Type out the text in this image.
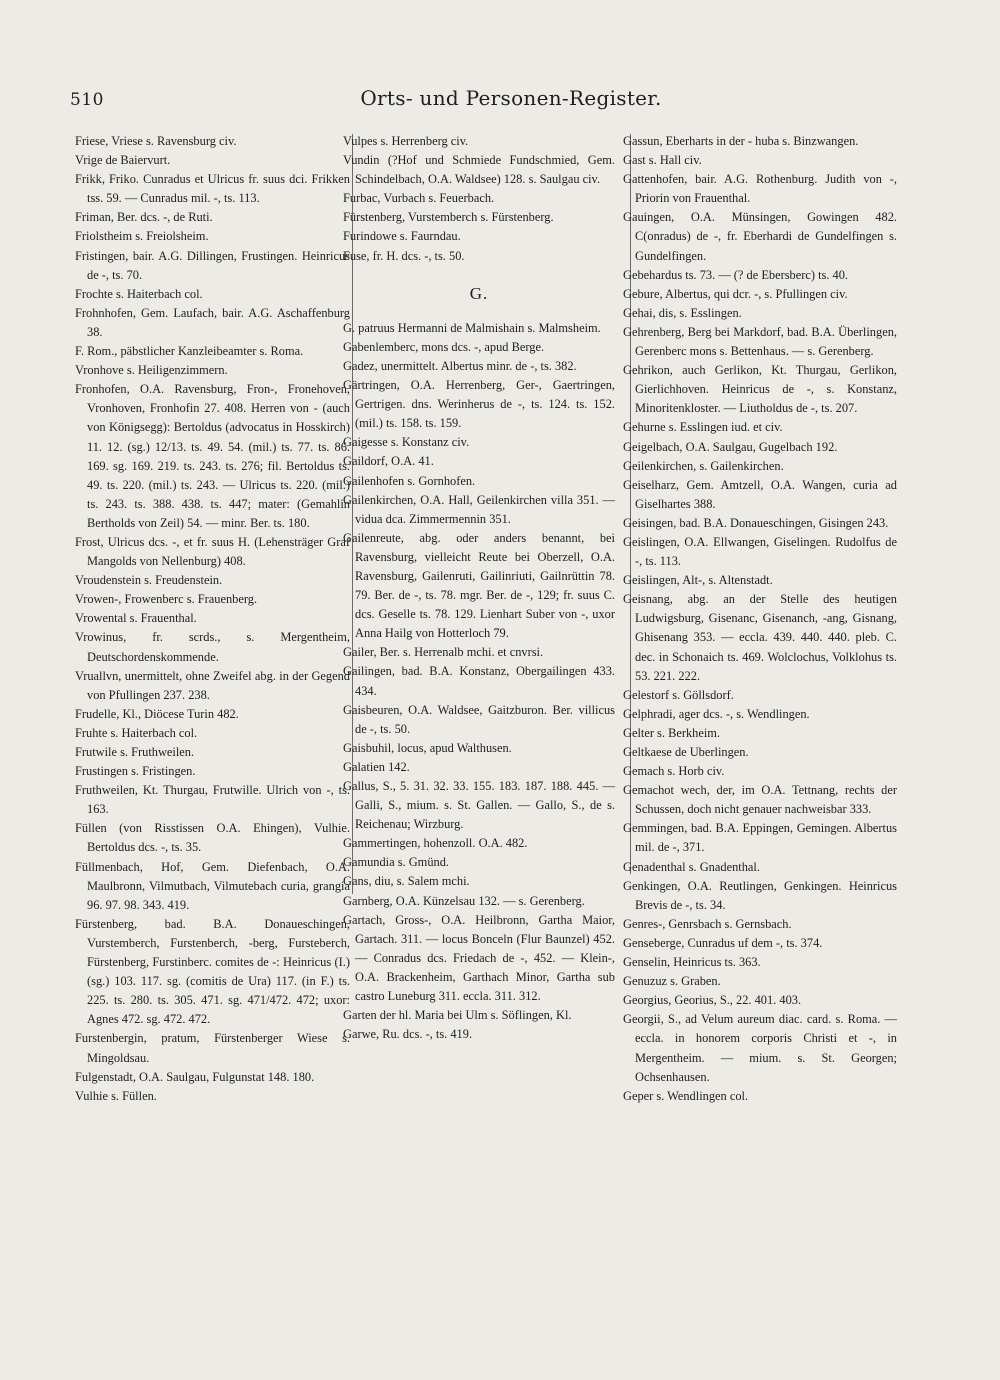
510	Orts- und Personen-Register.

Friese, Vriese s. Ravensburg civ.

Vrige de Baiervurt.

Frikk, Friko. Cunradus et Ulricus fr. suus dci. Frikken tss. 59. — Cunradus mil. -, ts. 113.

Friman, Ber. dcs. -, de Ruti.

Friolstheim s. Freiolsheim.

Fristingen, bair. A.G. Dillingen, Frustingen. Heinricus de -, ts. 70.

Frochte s. Haiterbach col.

Frohnhofen, Gem. Laufach, bair. A.G. Aschaffenburg 38.

F. Rom., päbstlicher Kanzleibeamter s. Roma.

Vronhove s. Heiligenzimmern.

Fronhofen, O.A. Ravensburg, Fron-, Fronehoven, Vronhoven, Fronhofin 27. 408. Herren von - (auch von Königsegg): Bertoldus (advocatus in Hosskirch) 11. 12. (sg.) 12/13. ts. 49. 54. (mil.) ts. 77. ts. 86. 169. sg. 169. 219. ts. 243. ts. 276; fil. Bertoldus ts. 49. ts. 220. (mil.) ts. 243. — Ulricus ts. 220. (mil.) ts. 243. ts. 388. 438. ts. 447; mater: (Gemahlin Bertholds von Zeil) 54. — minr. Ber. ts. 180.

Frost, Ulricus dcs. -, et fr. suus H. (Lehensträger Graf Mangolds von Nellenburg) 408.

Vroudenstein s. Freudenstein.

Vrowen-, Frowenberc s. Frauenberg.

Vrowental s. Frauenthal.

Vrowinus, fr. scrds., s. Mergentheim, Deutschordenskommende.

Vruallvn, unermittelt, ohne Zweifel abg. in der Gegend von Pfullingen 237. 238.

Frudelle, Kl., Diöcese Turin 482.

Fruhte s. Haiterbach col.

Frutwile s. Fruthweilen.

Frustingen s. Fristingen.

Fruthweilen, Kt. Thurgau, Frutwille. Ulrich von -, ts. 163.

Füllen (von Risstissen O.A. Ehingen), Vulhie. Bertoldus dcs. -, ts. 35.

Füllmenbach, Hof, Gem. Diefenbach, O.A. Maulbronn, Vilmutbach, Vilmutebach curia, grangia 96. 97. 98. 343. 419.

Fürstenberg, bad. B.A. Donaueschingen, Vurstemberch, Furstenberch, -berg, Fursteberch, Fürstenberg, Furstinberc. comites de -: Heinricus (I.) (sg.) 103. 117. sg. (comitis de Ura) 117. (in F.) ts. 225. ts. 280. ts. 305. 471. sg. 471/472. 472; uxor: Agnes 472. sg. 472. 472.

Furstenbergin, pratum, Fürstenberger Wiese s. Mingoldsau.

Fulgenstadt, O.A. Saulgau, Fulgunstat 148. 180.

Vulhie s. Füllen.

Vulpes s. Herrenberg civ.

Vundin (?Hof und Schmiede Fundschmied, Gem. Schindelbach, O.A. Waldsee) 128. s. Saulgau civ.

Furbac, Vurbach s. Feuerbach.

Fürstenberg, Vurstemberch s. Fürstenberg.

Furindowe s. Faurndau.

Fuse, fr. H. dcs. -, ts. 50.

G.

G. patruus Hermanni de Malmishain s. Malmsheim.

Gabenlemberc, mons dcs. -, apud Berge.

Gadez, unermittelt. Albertus minr. de -, ts. 382.

Gärtringen, O.A. Herrenberg, Ger-, Gaertringen, Gertrigen. dns. Werinherus de -, ts. 124. ts. 152. (mil.) ts. 158. ts. 159.

Gaigesse s. Konstanz civ.

Gaildorf, O.A. 41.

Gailenhofen s. Gornhofen.

Gailenkirchen, O.A. Hall, Geilenkirchen villa 351. — vidua dca. Zimmermennin 351.

Gailenreute, abg. oder anders benannt, bei Ravensburg, vielleicht Reute bei Oberzell, O.A. Ravensburg, Gailenruti, Gailinriuti, Gailnrüttin 78. 79. Ber. de -, ts. 78. mgr. Ber. de -, 129; fr. suus C. dcs. Geselle ts. 78. 129. Lienhart Suber von -, uxor Anna Hailg von Hotterloch 79.

Gailer, Ber. s. Herrenalb mchi. et cnvrsi.

Gailingen, bad. B.A. Konstanz, Obergailingen 433. 434.

Gaisbeuren, O.A. Waldsee, Gaitzburon. Ber. villicus de -, ts. 50.

Gaisbuhil, locus, apud Walthusen.

Galatien 142.

Gallus, S., 5. 31. 32. 33. 155. 183. 187. 188. 445. — Galli, S., mium. s. St. Gallen. — Gallo, S., de s. Reichenau; Wirzburg.

Gammertingen, hohenzoll. O.A. 482.

Gamundia s. Gmünd.

Gans, diu, s. Salem mchi.

Garnberg, O.A. Künzelsau 132. — s. Gerenberg.

Gartach, Gross-, O.A. Heilbronn, Gartha Maior, Gartach. 311. — locus Bonceln (Flur Baunzel) 452. — Conradus dcs. Friedach de -, 452. — Klein-, O.A. Brackenheim, Garthach Minor, Gartha sub castro Luneburg 311. eccla. 311. 312.

Garten der hl. Maria bei Ulm s. Söflingen, Kl.

Garwe, Ru. dcs. -, ts. 419.

Gassun, Eberharts in der - huba s. Binzwangen.

Gast s. Hall civ.

Gattenhofen, bair. A.G. Rothenburg. Judith von -, Priorin von Frauenthal.

Gauingen, O.A. Münsingen, Gowingen 482. C(onradus) de -, fr. Eberhardi de Gundelfingen s. Gundelfingen.

Gebehardus ts. 73. — (? de Ebersberc) ts. 40.

Gebure, Albertus, qui dcr. -, s. Pfullingen civ.

Gehai, dis, s. Esslingen.

Gehrenberg, Berg bei Markdorf, bad. B.A. Überlingen, Gerenberc mons s. Bettenhaus. — s. Gerenberg.

Gehrikon, auch Gerlikon, Kt. Thurgau, Gerlikon, Gierlichhoven. Heinricus de -, s. Konstanz, Minoritenkloster. — Liutholdus de -, ts. 207.

Gehurne s. Esslingen iud. et civ.

Geigelbach, O.A. Saulgau, Gugelbach 192.

Geilenkirchen, s. Gailenkirchen.

Geiselharz, Gem. Amtzell, O.A. Wangen, curia ad Giselhartes 388.

Geisingen, bad. B.A. Donaueschingen, Gisingen 243.

Geislingen, O.A. Ellwangen, Giselingen. Rudolfus de -, ts. 113.

Geislingen, Alt-, s. Altenstadt.

Geisnang, abg. an der Stelle des heutigen Ludwigsburg, Gisenanc, Gisenanch, -ang, Gisnang, Ghisenang 353. — eccla. 439. 440. 440. pleb. C. dec. in Schonaich ts. 469. Wolclochus, Volklohus ts. 53. 221. 222.

Gelestorf s. Göllsdorf.

Gelphradi, ager dcs. -, s. Wendlingen.

Gelter s. Berkheim.

Geltkaese de Uberlingen.

Gemach s. Horb civ.

Gemachot wech, der, im O.A. Tettnang, rechts der Schussen, doch nicht genauer nachweisbar 333.

Gemmingen, bad. B.A. Eppingen, Gemingen. Albertus mil. de -, 371.

Genadenthal s. Gnadenthal.

Genkingen, O.A. Reutlingen, Genkingen. Heinricus Brevis de -, ts. 34.

Genres-, Genrsbach s. Gernsbach.

Genseberge, Cunradus uf dem -, ts. 374.

Genselin, Heinricus ts. 363.

Genuzuz s. Graben.

Georgius, Georius, S., 22. 401. 403.

Georgii, S., ad Velum aureum diac. card. s. Roma. — eccla. in honorem corporis Christi et -, in Mergentheim. — mium. s. St. Georgen; Ochsenhausen.

Geper s. Wendlingen col.
